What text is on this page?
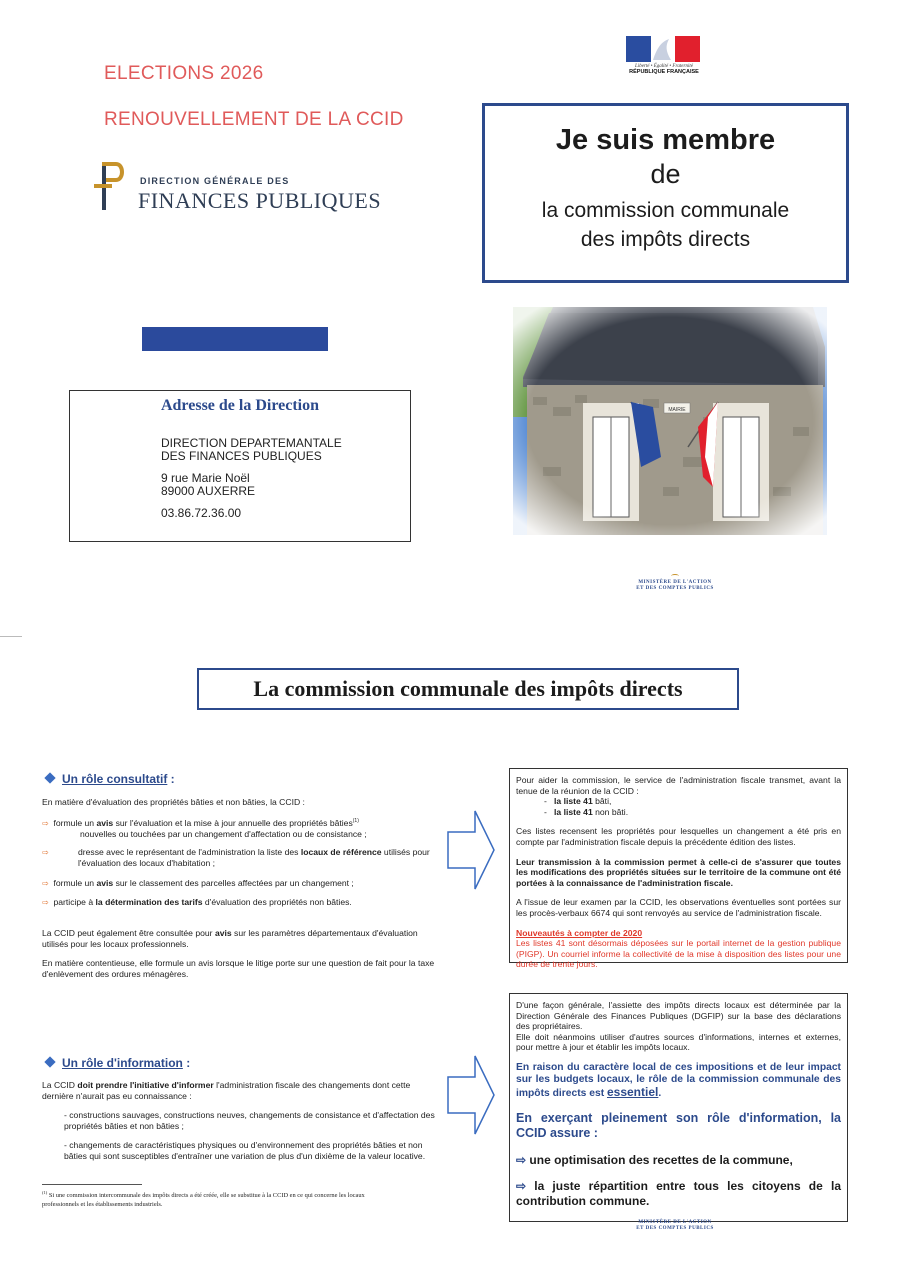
ELECTIONS 2026
RENOUVELLEMENT DE LA CCID
Liberté • Égalité • Fraternité
RÉPUBLIQUE FRANÇAISE
DIRECTION GÉNÉRALE DES
FINANCES PUBLIQUES
Je suis membre
de
la commission communale
des impôts directs
Adresse de la Direction
DIRECTION DEPARTEMANTALE
DES FINANCES PUBLIQUES
9 rue Marie Noël
89000 AUXERRE
03.86.72.36.00
MINISTÈRE DE L'ACTION
ET DES COMPTES PUBLICS
La commission communale des impôts directs
Un rôle consultatif :
En matière d'évaluation des propriétés bâties et non bâties, la CCID :
⇨ formule un avis sur l'évaluation et la mise à jour annuelle des propriétés bâties$^{(1)}$
nouvelles ou touchées par un changement d'affectation ou de consistance ;
⇨	dresse avec le représentant de l'administration la liste des locaux de référence utilisés pour l'évaluation des locaux d'habitation ;
⇨ formule un avis sur le classement des parcelles affectées par un changement ;
⇨ participe à la détermination des tarifs d'évaluation des propriétés non bâties.
La CCID peut également être consultée pour avis sur les paramètres départementaux d'évaluation utilisés pour les locaux professionnels.
En matière contentieuse, elle formule un avis lorsque le litige porte sur une question de fait pour la taxe d'enlèvement des ordures ménagères.

Pour aider la commission, le service de l'administration fiscale transmet, avant la tenue de la réunion de la CCID :

-   la liste 41 bâti,

-   la liste 41 non bâti.

Ces listes recensent les propriétés pour lesquelles un changement a été pris en compte par l'administration fiscale depuis la précédente édition des listes.

Leur transmission à la commission permet à celle-ci de s'assurer que toutes les modifications des propriétés situées sur le territoire de la commune ont été portées à la connaissance de l'administration fiscale.

A l'issue de leur examen par la CCID, les observations éventuelles sont portées sur les procès-verbaux 6674 qui sont renvoyés au service de l'administration fiscale.

Nouveautés à compter de 2020

Les listes 41 sont désormais déposées sur le portail internet de la gestion publique (PIGP). Un courriel informe la collectivité de la mise à disposition des listes pour une durée de trente jours.

D'une façon générale, l'assiette des impôts directs locaux est déterminée par la Direction Générale des Finances Publiques (DGFIP) sur la base des déclarations des propriétaires.

Elle doit néanmoins utiliser d'autres sources d'informations, internes et externes, pour mettre à jour et établir les impôts locaux.

En raison du caractère local de ces impositions et de leur impact sur les budgets locaux, le rôle de la commission communale des impôts directs est essentiel.

En exerçant pleinement son rôle d'information, la CCID assure :

⇨ une optimisation des recettes de la commune,

⇨ la juste répartition entre tous les citoyens de la contribution commune.

Un rôle d'information :
La CCID doit prendre l'initiative d'informer l'administration fiscale des changements dont cette dernière n'aurait pas eu connaissance :
- constructions sauvages, constructions neuves, changements de consistance et d'affectation des propriétés bâties et non bâties ;
- changements de caractéristiques physiques ou d'environnement des propriétés bâties et non bâties qui sont susceptibles d'entraîner une variation de plus d'un dixième de la valeur locative.
$^{(1)}$ Si une commission intercommunale des impôts directs a été créée, elle se substitue à la CCID en ce qui concerne les locaux professionnels et les établissements industriels.
MINISTÈRE DE L'ACTION
ET DES COMPTES PUBLICS
